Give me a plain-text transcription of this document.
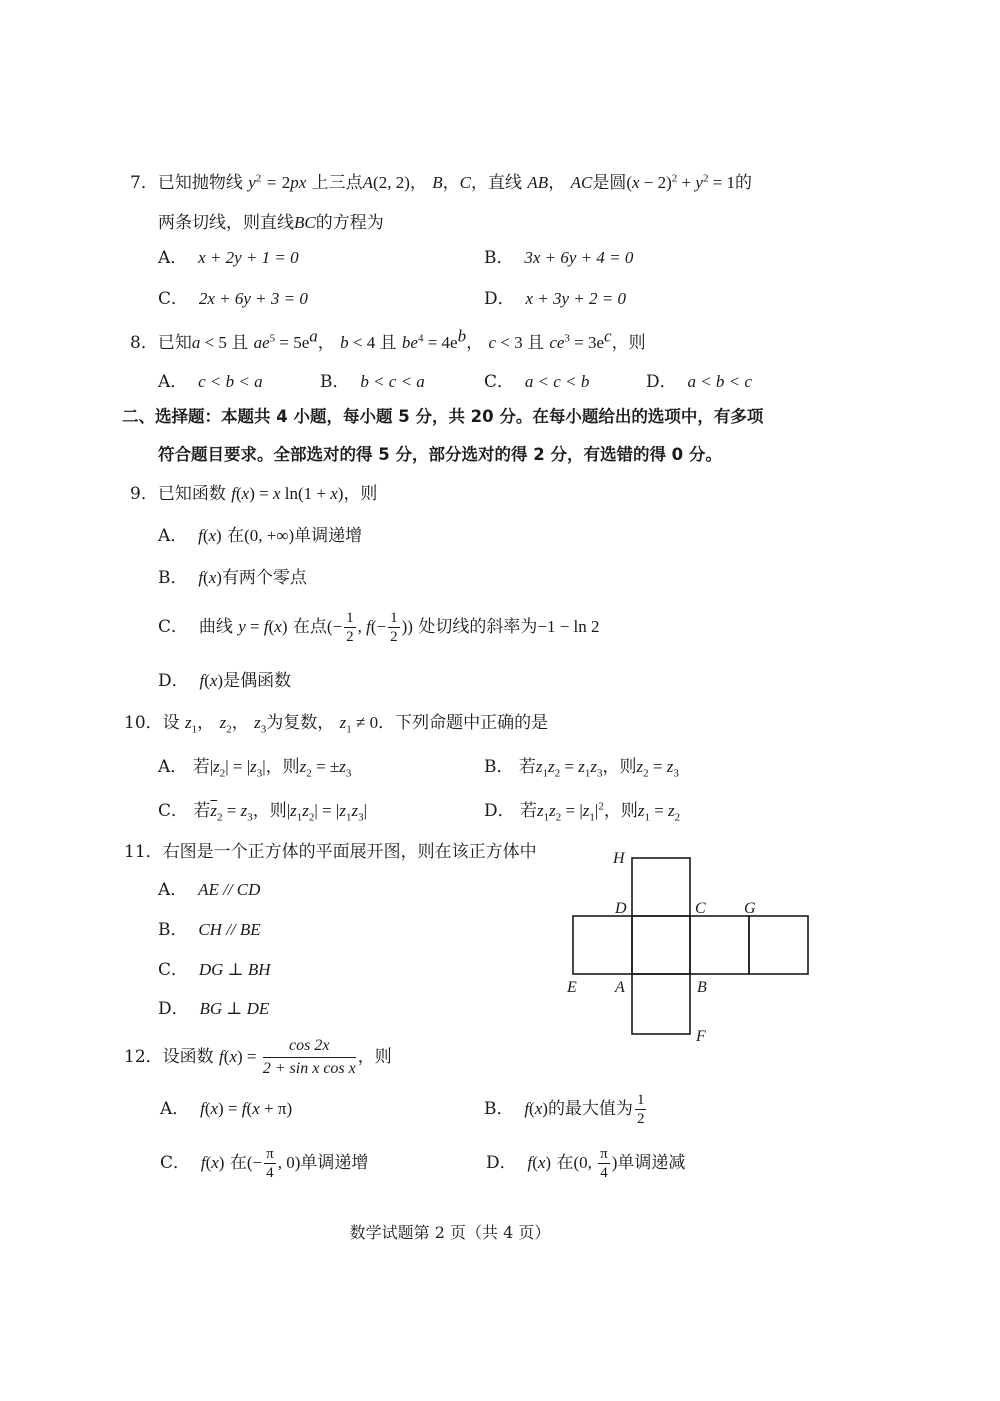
7．已知抛物线 $y^2 = 2px$ 上三点A(2, 2)， B，C，直线 AB， AC是圆$(x - 2)^2 + y^2 = 1$的
两条切线，则直线BC的方程为
A． x + 2y + 1 = 0	B． 3x + 6y + 4 = 0
C． 2x + 6y + 3 = 0	D． x + 3y + 2 = 0
8．已知a < 5 且 $ae^5 = 5e^a$， b < 4 且 $be^4 = 4e^b$， c < 3 且 $ce^3 = 3e^c$，则
A． c < b < a	B． b < c < a	C． a < c < b	D． a < b < c
二、选择题：本题共 4 小题，每小题 5 分，共 20 分。在每小题给出的选项中，有多项
符合题目要求。全部选对的得 5 分，部分选对的得 2 分，有选错的得 0 分。
9．已知函数 f(x) = x ln(1 + x)，则
A． f(x) 在(0, +∞)单调递增
B． f(x)有两个零点
C． 曲线 y = f(x) 在点(− $\frac{1}{2}$ , $f(- \frac{1}{2}$ )) 处切线的斜率为−1 − ln 2
D． f(x)是偶函数
10．设 $z_1$， $z_2$， $z_3$为复数， $z_1 \ne 0$．下列命题中正确的是
A． 若$|z_2| = |z_3|$，则$z_2 = \pm z_3$	B． 若$z_1z_2 = z_1z_3$，则$z_2 = z_3$
C． 若$\overline{z}_2 = z_3$，则$|z_1z_2| = |z_1z_3|$	D． 若$z_1z_2 = |z_1|^2$，则$z_1 = z_2$
11．右图是一个正方体的平面展开图，则在该正方体中
A． AE // CD
B． CH // BE
C． DG ⊥ BH
D． BG ⊥ DE
H
D	C G
E A	B
F
12．设函数 $f(x) = \frac{\cos 2x}{\text{2 + sin x cos x}}$ ，则
A． f(x) = f(x + π)	B． f(x)的最大值为 $\frac{1}{2}$
C． f(x) 在(− $\frac{\pi}{4}$ , 0)单调递增	D． f(x) 在(0, $\frac{\pi}{4}$ )单调递减
数学试题第 2 页（共 4 页）
